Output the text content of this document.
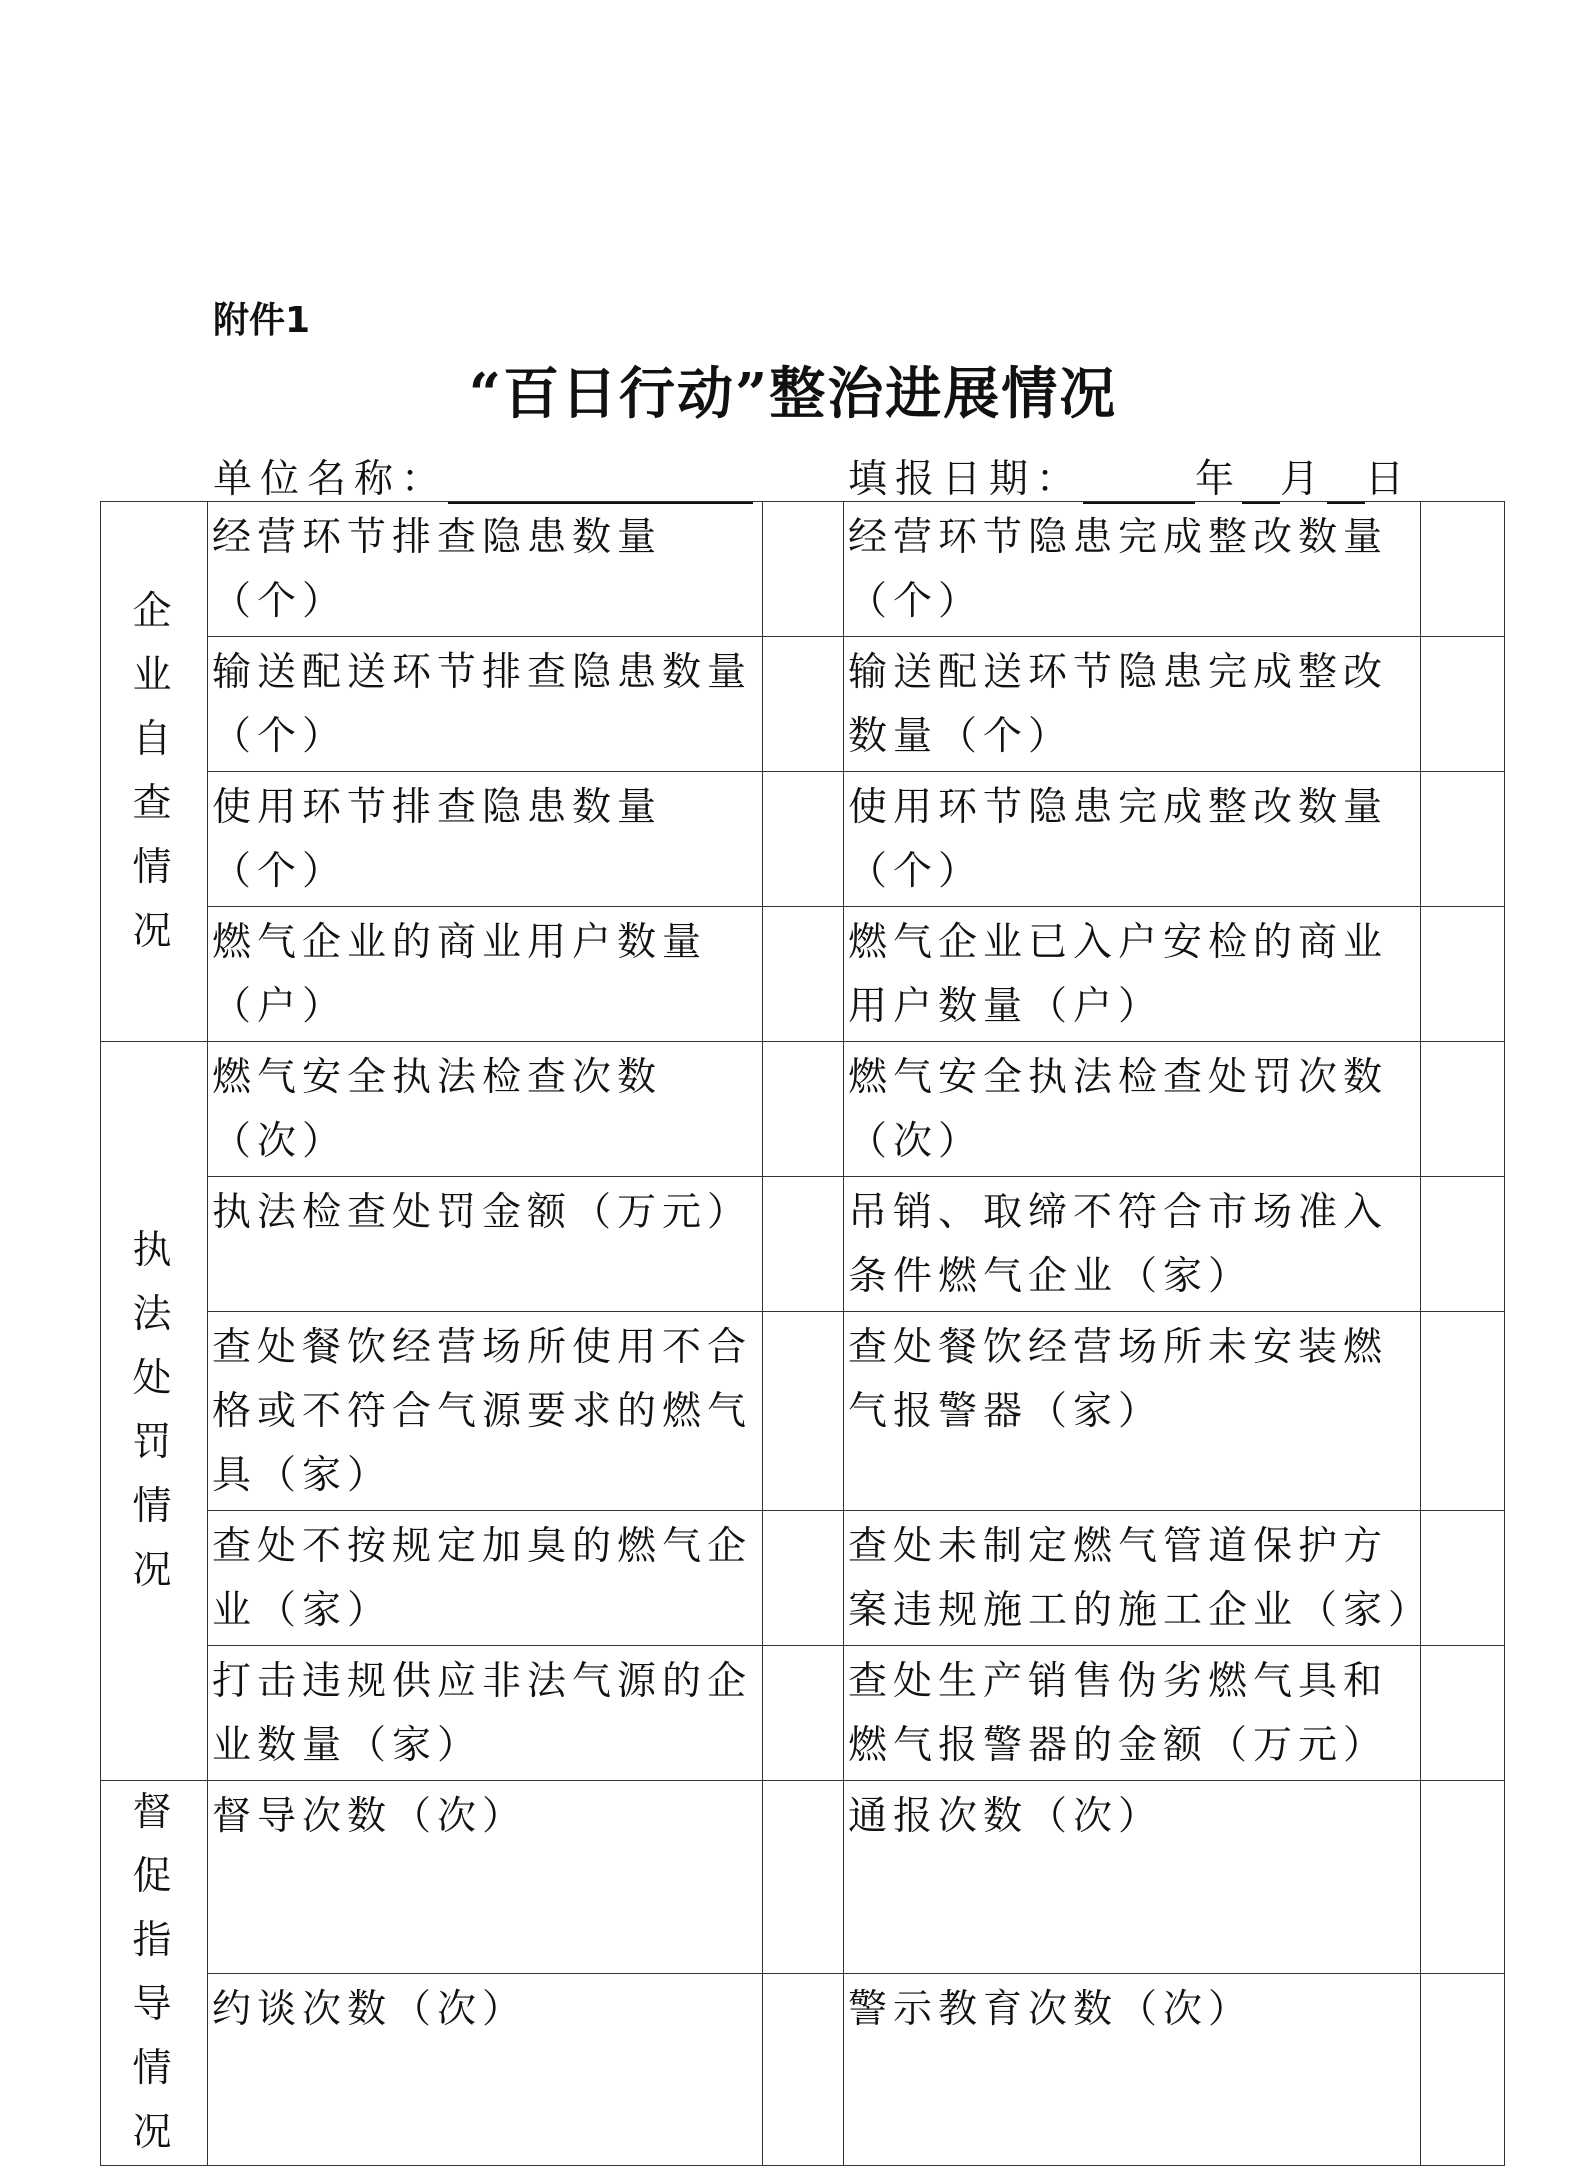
附件1
“百日行动”整治进展情况
单位名称：	填报日期：	年 月 日
企业自查情况	经营环节排查隐患数量（个）		经营环节隐患完成整改数量（个）	
	输送配送环节排查隐患数量（个）		输送配送环节隐患完成整改数量（个）	
	使用环节排查隐患数量（个）		使用环节隐患完成整改数量（个）	
	燃气企业的商业用户数量（户）		燃气企业已入户安检的商业用户数量（户）	

执法处罚情况	燃气安全执法检查次数（次）		燃气安全执法检查处罚次数（次）	
	执法检查处罚金额（万元）		吊销、取缔不符合市场准入条件燃气企业（家）	
	查处餐饮经营场所使用不合格或不符合气源要求的燃气具（家）		查处餐饮经营场所未安装燃气报警器（家）	
	查处不按规定加臭的燃气企业（家）		查处未制定燃气管道保护方案违规施工的施工企业（家）	
	打击违规供应非法气源的企业数量（家）		查处生产销售伪劣燃气具和燃气报警器的金额（万元）	

督促指导情况	督导次数（次）		通报次数（次）	
	约谈次数（次）		警示教育次数（次）	
